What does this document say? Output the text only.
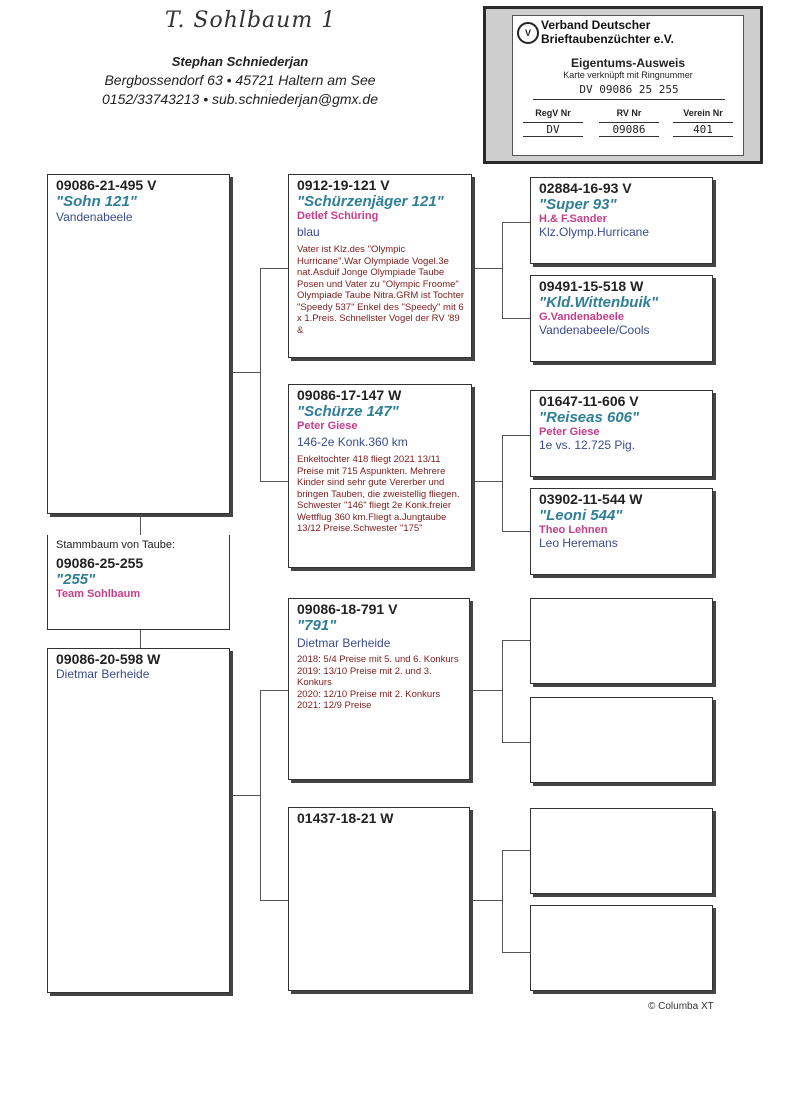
T. Sohlbaum 1
Stephan Schniederjan
Bergbossendorf 63 • 45721 Haltern am See
0152/33743213 • sub.schniederjan@gmx.de
V
Verband Deutscher Brieftaubenzüchter e.V.
Eigentums-Ausweis
Karte verknüpft mit Ringnummer
DV 09086 25 255
RegV Nr	RV Nr	Verein Nr
DV	09086	401
09086-21-495 V
"Sohn 121"
Vandenabeele
Stammbaum von Taube:
09086-25-255
"255"
Team Sohlbaum
09086-20-598 W
Dietmar Berheide
0912-19-121 V
"Schürzenjäger 121"
Detlef Schüring
blau
Vater ist Klz.des "Olympic Hurricane".War Olympiade Vogel.3e nat.Asduif Jonge Olympiade Taube Posen und Vater zu "Olympic Froome" Olympiade Taube Nitra.GRM ist Tochter "Speedy 537" Enkel des "Speedy" mit 6 x 1.Preis. Schnellster Vogel der RV '89 &
09086-17-147 W
"Schürze 147"
Peter Giese
146-2e Konk.360 km
Enkeltochter 418 fliegt 2021 13/11 Preise mit 715 Aspunkten. Mehrere Kinder sind sehr gute Vererber und bringen Tauben, die zweistellig fliegen. Schwester "146" fliegt 2e Konk.freier Wettflug 360 km.Fliegt a.Jungtaube 13/12 Preise.Schwester "175"
09086-18-791 V
"791"
Dietmar Berheide
2018: 5/4 Preise mit 5. und 6. Konkurs
2019: 13/10 Preise mit 2. und 3. Konkurs
2020: 12/10 Preise mit 2. Konkurs
2021: 12/9 Preise
01437-18-21 W
02884-16-93 V
"Super 93"
H.& F.Sander
Klz.Olymp.Hurricane
09491-15-518 W
"Kld.Wittenbuik"
G.Vandenabeele
Vandenabeele/Cools
01647-11-606 V
"Reiseas 606"
Peter Giese
1e vs. 12.725 Pig.
03902-11-544 W
"Leoni 544"
Theo Lehnen
Leo Heremans
© Columba XT
